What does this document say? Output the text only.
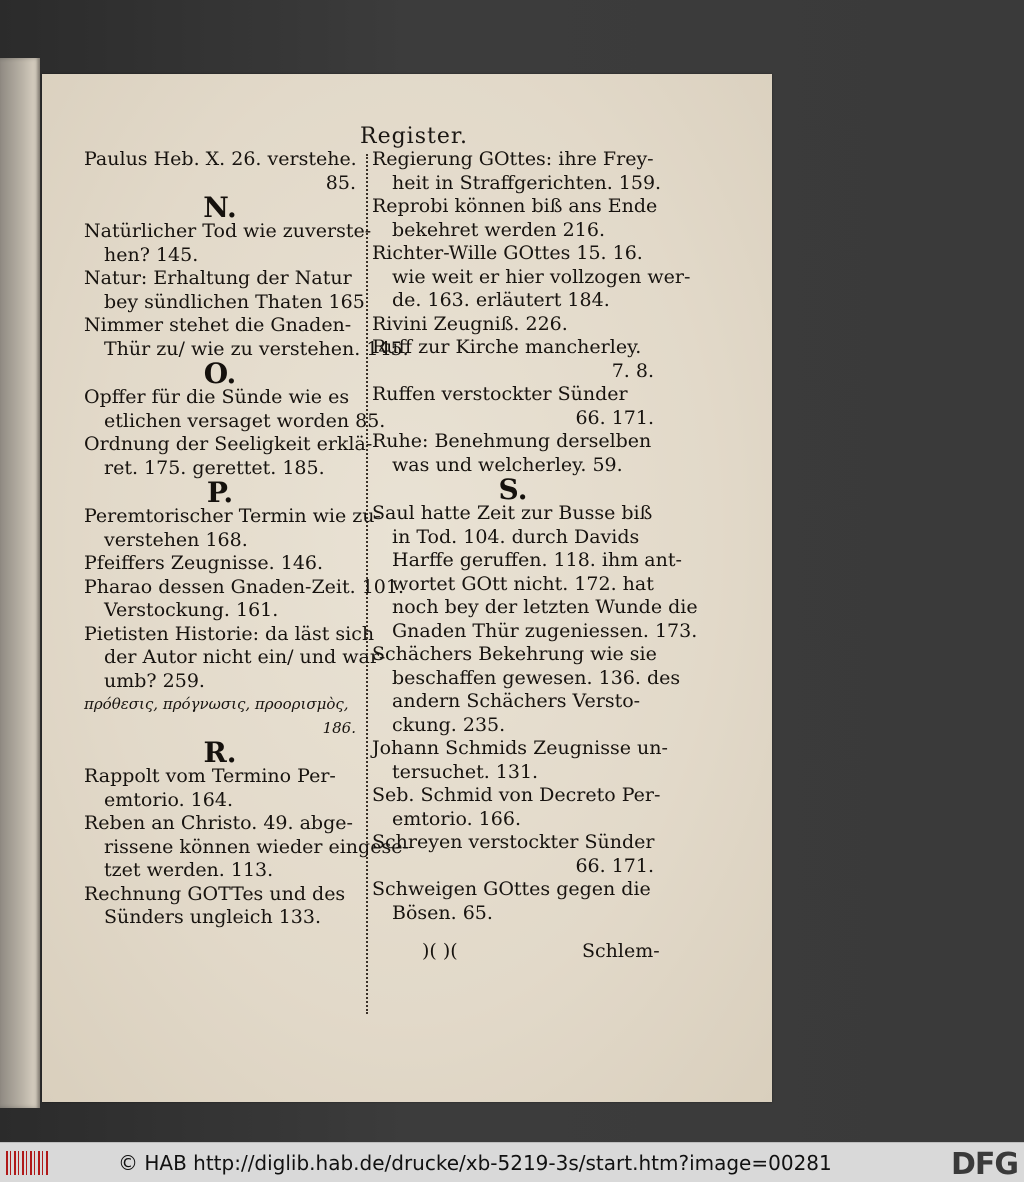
Register.
Paulus Heb. X. 26. verstehe.
85.
N.
Natürlicher Tod wie zuverste-
hen? 145.
Natur: Erhaltung der Natur
bey sündlichen Thaten 165
Nimmer stehet die Gnaden-
Thür zu/ wie zu verstehen. 145.
O.
Opffer für die Sünde wie es
etlichen versaget worden 85.
Ordnung der Seeligkeit erklä-
ret. 175. gerettet. 185.
P.
Peremtorischer Termin wie zu-
verstehen 168.
Pfeiffers Zeugnisse. 146.
Pharao dessen Gnaden-Zeit. 101.
Verstockung. 161.
Pietisten Historie: da läst sich
der Autor nicht ein/ und war-
umb? 259.
πρόθεσις, πρόγνωσις, προορισμὸς,
186.
R.
Rappolt vom Termino Per-
emtorio. 164.
Reben an Christo. 49. abge-
rissene können wieder eingese-
tzet werden. 113.
Rechnung GOTTes und des
Sünders ungleich 133.
Regierung GOttes: ihre Frey-
heit in Straffgerichten. 159.
Reprobi können biß ans Ende
bekehret werden 216.
Richter-Wille GOttes 15. 16.
wie weit er hier vollzogen wer-
de. 163. erläutert 184.
Rivini Zeugniß. 226.
Ruff zur Kirche mancherley.
7. 8.
Ruffen verstockter Sünder
66. 171.
Ruhe: Benehmung derselben
was und welcherley. 59.
S.
Saul hatte Zeit zur Busse biß
in Tod. 104. durch Davids
Harffe geruffen. 118. ihm ant-
wortet GOtt nicht. 172. hat
noch bey der letzten Wunde die
Gnaden Thür zugeniessen. 173.
Schächers Bekehrung wie sie
beschaffen gewesen. 136. des
andern Schächers Versto-
ckung. 235.
Johann Schmids Zeugnisse un-
tersuchet. 131.
Seb. Schmid von Decreto Per-
emtorio. 166.
Schreyen verstockter Sünder
66. 171.
Schweigen GOttes gegen die
Bösen. 65.
)( )(	Schlem-
© HAB http://diglib.hab.de/drucke/xb-5219-3s/start.htm?image=00281	DFG
